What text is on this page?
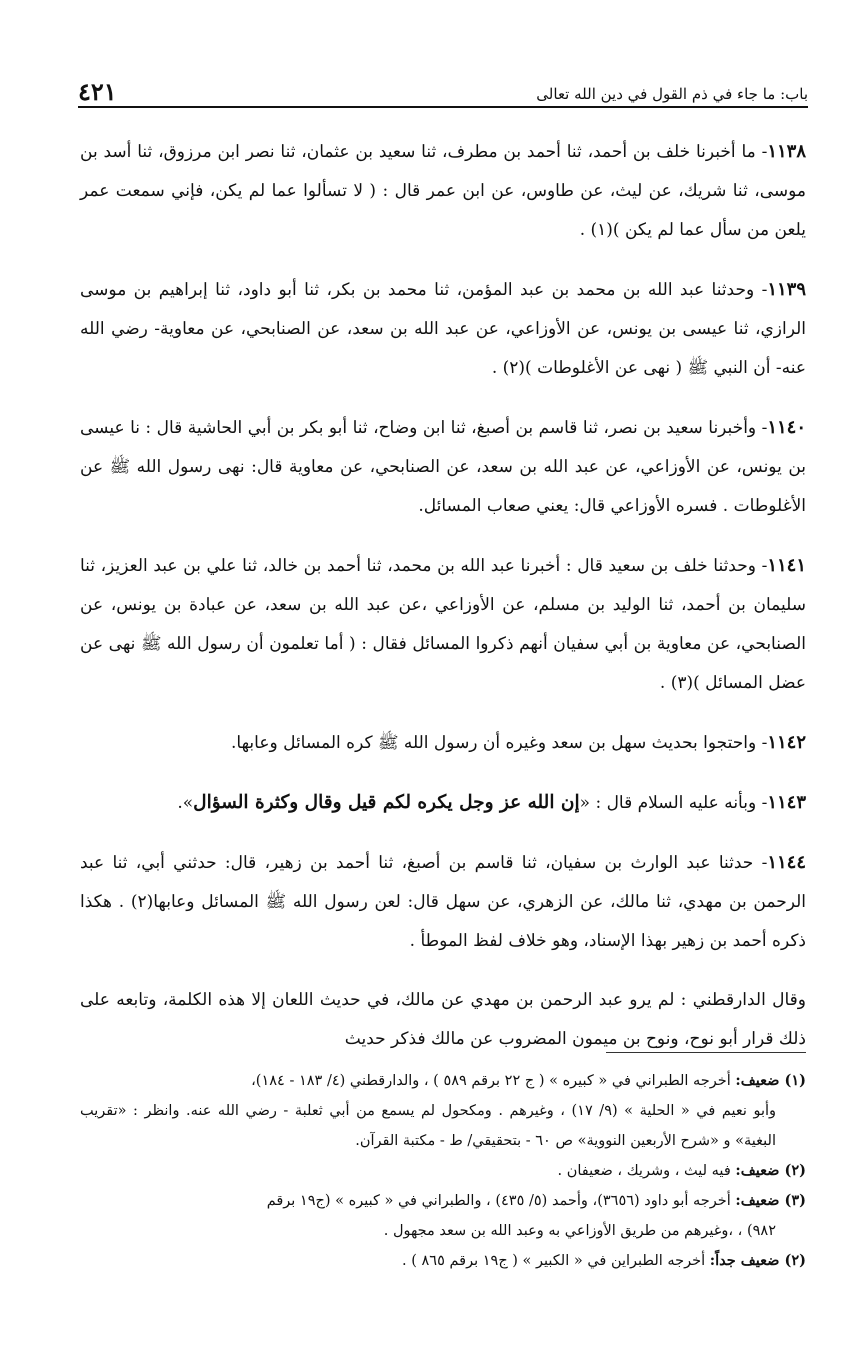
باب: ما جاء في ذم القول في دين الله تعالى
٤٢١

١١٣٨- ما أخبرنا خلف بن أحمد، ثنا أحمد بن مطرف، ثنا سعيد بن عثمان، ثنا نصر ابن مرزوق، ثنا أسد بن موسى، ثنا شريك، عن ليث، عن طاوس، عن ابن عمر قال : ( لا تسألوا عما لم يكن، فإني سمعت عمر يلعن من سأل عما لم يكن )(١) .

١١٣٩- وحدثنا عبد الله بن محمد بن عبد المؤمن، ثنا محمد بن بكر، ثنا أبو داود، ثنا إبراهيم بن موسى الرازي، ثنا عيسى بن يونس، عن الأوزاعي، عن عبد الله بن سعد، عن الصنابحي، عن معاوية- رضي الله عنه- أن النبي ﷺ ( نهى عن الأغلوطات )(٢) .

١١٤٠- وأخبرنا سعيد بن نصر، ثنا قاسم بن أصبغ، ثنا ابن وضاح، ثنا أبو بكر بن أبي الحاشية قال : نا عيسى بن يونس، عن الأوزاعي، عن عبد الله بن سعد، عن الصنابحي، عن معاوية قال: نهى رسول الله ﷺ عن الأغلوطات . فسره الأوزاعي قال: يعني صعاب المسائل.

١١٤١- وحدثنا خلف بن سعيد قال : أخبرنا عبد الله بن محمد، ثنا أحمد بن خالد، ثنا علي بن عبد العزيز، ثنا سليمان بن أحمد، ثنا الوليد بن مسلم، عن الأوزاعي ،عن عبد الله بن سعد، عن عبادة بن يونس، عن الصنابحي، عن معاوية بن أبي سفيان أنهم ذكروا المسائل فقال : ( أما تعلمون أن رسول الله ﷺ نهى عن عضل المسائل )(٣) .

١١٤٢- واحتجوا بحديث سهل بن سعد وغيره أن رسول الله ﷺ كره المسائل وعابها.

١١٤٣- وبأنه عليه السلام قال : «إن الله عز وجل يكره لكم قيل وقال وكثرة السؤال».

١١٤٤- حدثنا عبد الوارث بن سفيان، ثنا قاسم بن أصبغ، ثنا أحمد بن زهير، قال: حدثني أبي، ثنا عبد الرحمن بن مهدي، ثنا مالك، عن الزهري، عن سهل قال: لعن رسول الله ﷺ المسائل وعابها(٢) . هكذا ذكره أحمد بن زهير بهذا الإسناد، وهو خلاف لفظ الموطأ .

وقال الدارقطني : لم يرو عبد الرحمن بن مهدي عن مالك، في حديث اللعان إلا هذه الكلمة، وتابعه على ذلك قرار أبو نوح، ونوح بن ميمون المضروب عن مالك فذكر حديث

(١) ضعيف: أخرجه الطبراني في « كبيره » ( ج ٢٢ برقم ٥٨٩ ) ، والدارقطني (٤/ ١٨٣ - ١٨٤)،
وأبو نعيم في « الحلية » (٩/ ١٧) ، وغيرهم . ومكحول لم يسمع من أبي ثعلبة - رضي الله عنه. وانظر : «تقريب البغية» و «شرح الأربعين النووية» ص ٦٠ - بتحقيقي/ ط - مكتبة القرآن.
(٢) ضعيف: فيه ليث ، وشريك ، ضعيفان .
(٣) ضعيف: أخرجه أبو داود (٣٦٥٦)، وأحمد (٥/ ٤٣٥) ، والطبراني في « كبيره » (ج١٩ برقم
٩٨٢) ، ،وغيرهم من طريق الأوزاعي به وعبد الله بن سعد مجهول .
(٢) ضعيف جداً: أخرجه الطبراين في « الكبير » ( ج١٩ برقم ٨٦٥ ) .
